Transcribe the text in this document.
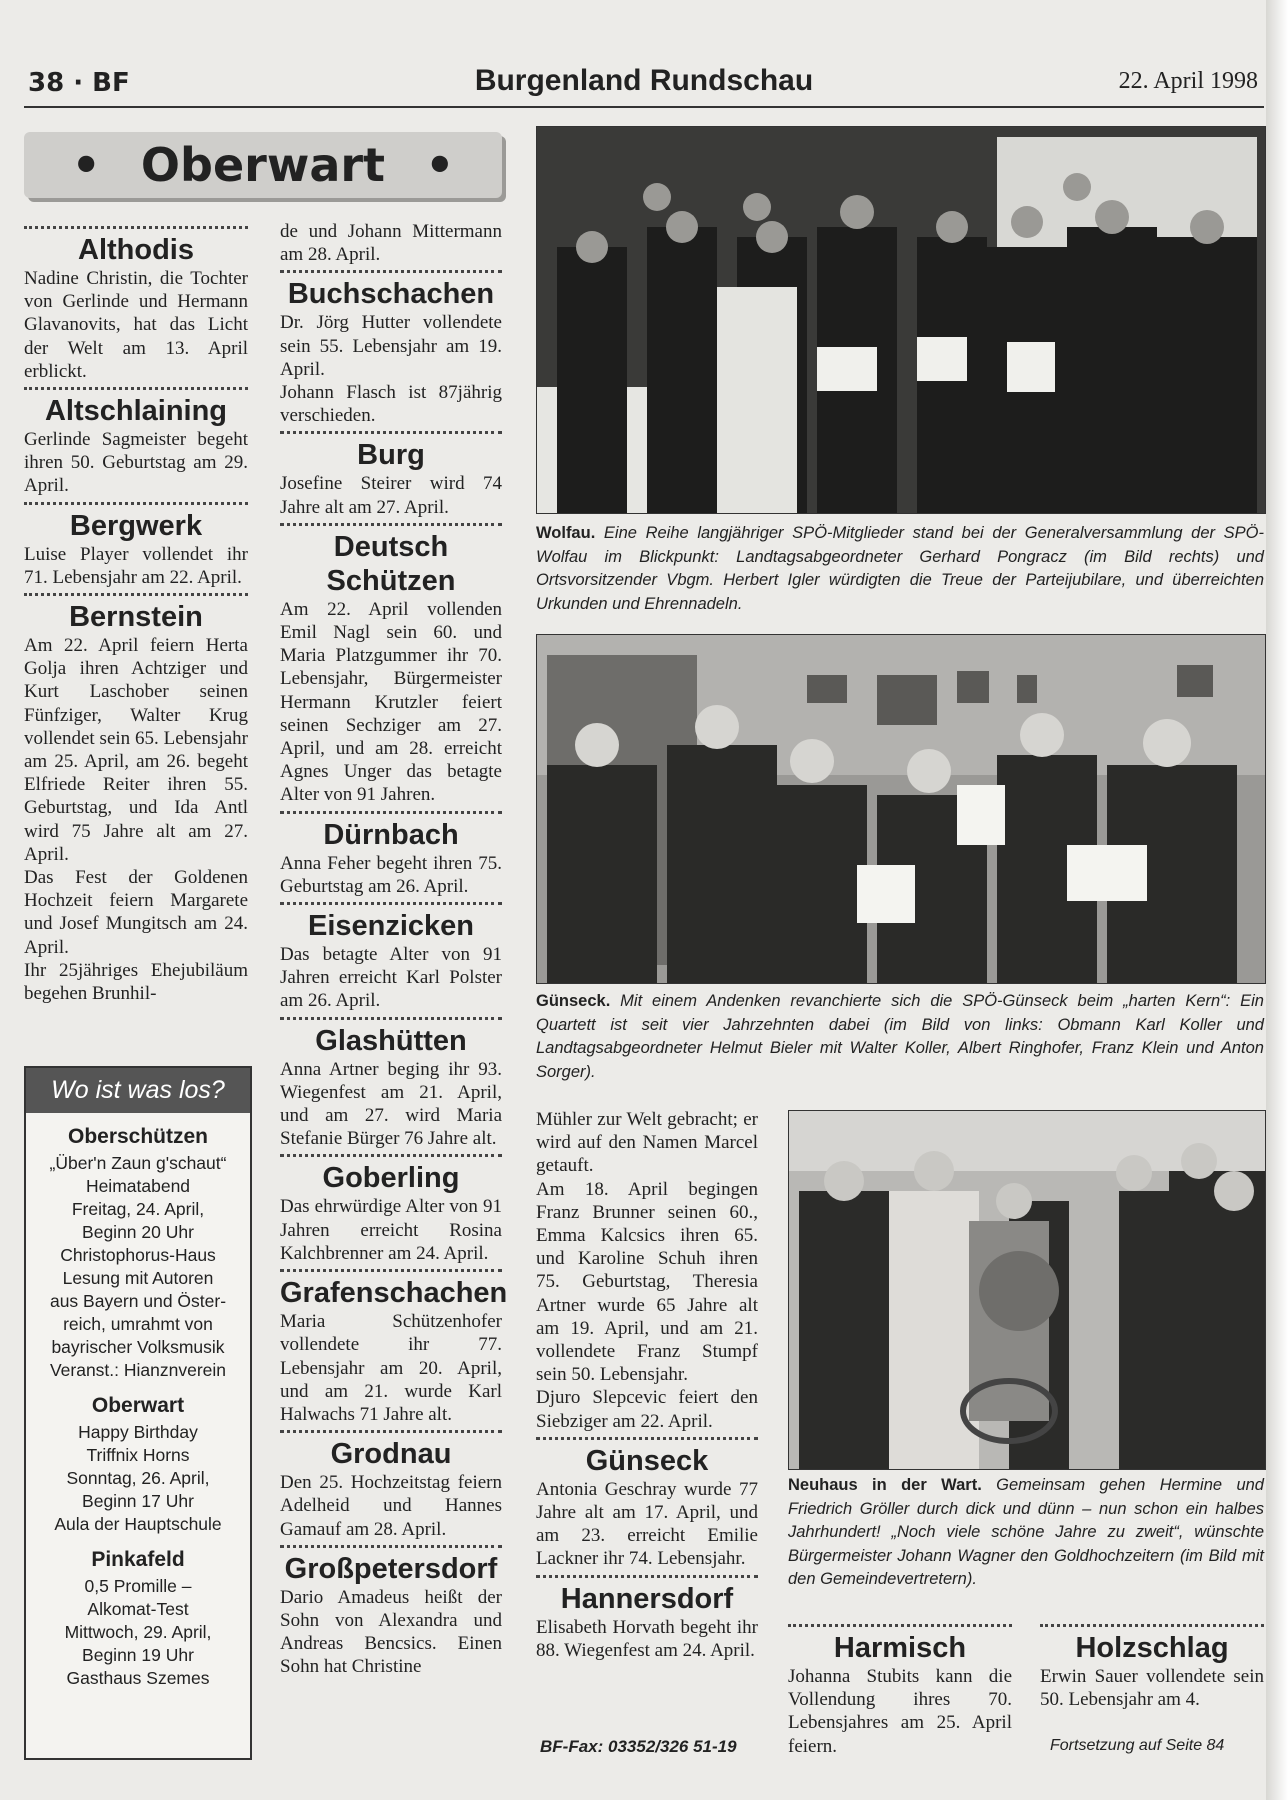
38 · BF	Burgenland Rundschau	22. April 1998
• Oberwart •
Althodis

Nadine Christin, die Tochter von Gerlinde und Hermann Glavanovits, hat das Licht der Welt am 13. April erblickt.

Altschlaining

Gerlinde Sagmeister begeht ihren 50. Geburtstag am 29. April.

Bergwerk

Luise Player vollendet ihr 71. Lebensjahr am 22. April.

Bernstein

Am 22. April feiern Herta Golja ihren Achtziger und Kurt Laschober seinen Fünfziger, Walter Krug vollendet sein 65. Lebensjahr am 25. April, am 26. begeht Elfriede Reiter ihren 55. Geburtstag, und Ida Antl wird 75 Jahre alt am 27. April.

Das Fest der Goldenen Hochzeit feiern Margarete und Josef Mungitsch am 24. April.

Ihr 25jähriges Ehejubiläum begehen Brunhil-

Wo ist was los?
Oberschützen
„Über'n Zaun g'schaut“
Heimatabend
Freitag, 24. April,
Beginn 20 Uhr
Christophorus-Haus
Lesung mit Autoren
aus Bayern und Öster-
reich, umrahmt von
bayrischer Volksmusik
Veranst.: Hianznverein
Oberwart
Happy Birthday
Triffnix Horns
Sonntag, 26. April,
Beginn 17 Uhr
Aula der Hauptschule
Pinkafeld
0,5 Promille –
Alkomat-Test
Mittwoch, 29. April,
Beginn 19 Uhr
Gasthaus Szemes

de und Johann Mittermann am 28. April.

Buchschachen

Dr. Jörg Hutter vollendete sein 55. Lebensjahr am 19. April.

Johann Flasch ist 87jährig verschieden.

Burg

Josefine Steirer wird 74 Jahre alt am 27. April.

Deutsch Schützen

Am 22. April vollenden Emil Nagl sein 60. und Maria Platzgummer ihr 70. Lebensjahr, Bürgermeister Hermann Krutzler feiert seinen Sechziger am 27. April, und am 28. erreicht Agnes Unger das betagte Alter von 91 Jahren.

Dürnbach

Anna Feher begeht ihren 75. Geburtstag am 26. April.

Eisenzicken

Das betagte Alter von 91 Jahren erreicht Karl Polster am 26. April.

Glashütten

Anna Artner beging ihr 93. Wiegenfest am 21. April, und am 27. wird Maria Stefanie Bürger 76 Jahre alt.

Goberling

Das ehrwürdige Alter von 91 Jahren erreicht Rosina Kalchbrenner am 24. April.

Grafenschachen

Maria Schützenhofer vollendete ihr 77. Lebensjahr am 20. April, und am 21. wurde Karl Halwachs 71 Jahre alt.

Grodnau

Den 25. Hochzeitstag feiern Adelheid und Hannes Gamauf am 28. April.

Großpetersdorf

Dario Amadeus heißt der Sohn von Alexandra und Andreas Bencsics. Einen Sohn hat Christine

Wolfau. Eine Reihe langjähriger SPÖ-Mitglieder stand bei der Generalversammlung der SPÖ-Wolfau im Blickpunkt: Landtagsabgeordneter Gerhard Pongracz (im Bild rechts) und Ortsvorsitzender Vbgm. Herbert Igler würdigten die Treue der Parteijubilare, und überreichten Urkunden und Ehrennadeln.
Günseck. Mit einem Andenken revanchierte sich die SPÖ-Günseck beim „harten Kern“: Ein Quartett ist seit vier Jahrzehnten dabei (im Bild von links: Obmann Karl Koller und Landtagsabgeordneter Helmut Bieler mit Walter Koller, Albert Ringhofer, Franz Klein und Anton Sorger).

Mühler zur Welt gebracht; er wird auf den Namen Marcel getauft.

Am 18. April begingen Franz Brunner seinen 60., Emma Kalcsics ihren 65. und Karoline Schuh ihren 75. Geburtstag, Theresia Artner wurde 65 Jahre alt am 19. April, und am 21. vollendete Franz Stumpf sein 50. Lebensjahr.

Djuro Slepcevic feiert den Siebziger am 22. April.

Günseck

Antonia Geschray wurde 77 Jahre alt am 17. April, und am 23. erreicht Emilie Lackner ihr 74. Lebensjahr.

Hannersdorf

Elisabeth Horvath begeht ihr 88. Wiegenfest am 24. April.

BF-Fax: 03352/326 51-19
Neuhaus in der Wart. Gemeinsam gehen Hermine und Friedrich Gröller durch dick und dünn – nun schon ein halbes Jahrhundert! „Noch viele schöne Jahre zu zweit“, wünschte Bürgermeister Johann Wagner den Goldhochzeitern (im Bild mit den Gemeindevertretern).
Harmisch

Johanna Stubits kann die Vollendung ihres 70. Lebensjahres am 25. April feiern.

Holzschlag

Erwin Sauer vollendete sein 50. Lebensjahr am 4.

Fortsetzung auf Seite 84
